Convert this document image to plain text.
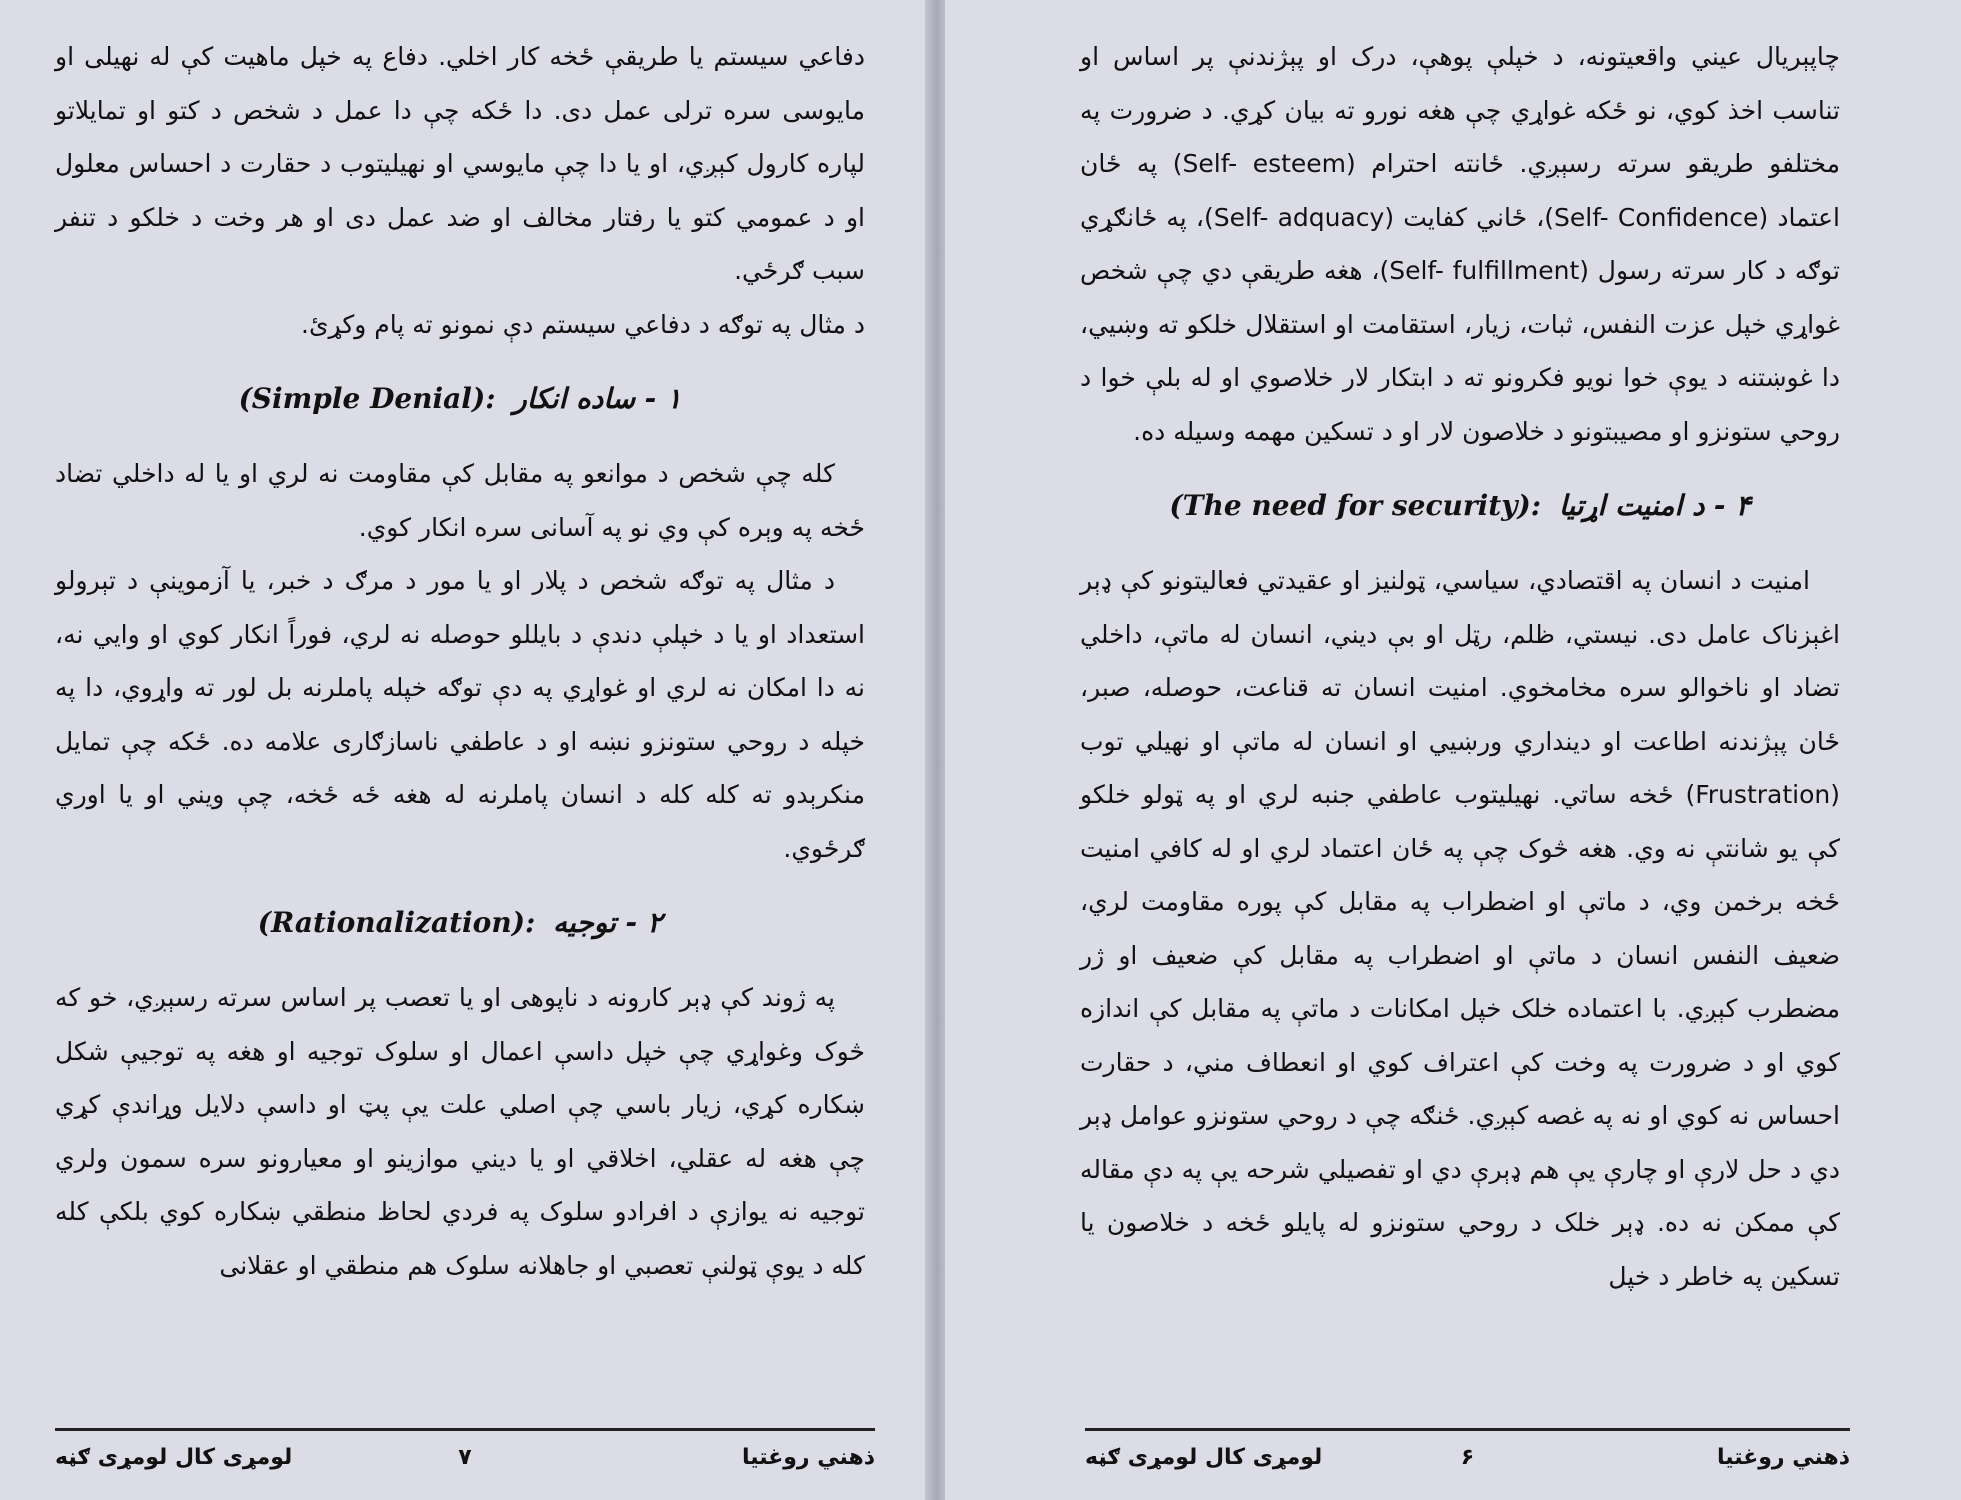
دفاعي سیستم یا طریقې ځخه کار اخلي. دفاع په خپل ماهیت کې له نهیلی او مایوسی سره ترلی عمل دی. دا ځکه چې دا عمل د شخص د کتو او تمایلاتو لپاره کارول کېږي، او یا دا چې مایوسي او نهیلیتوب د حقارت د احساس معلول او د عمومي کتو یا رفتار مخالف او ضد عمل دی او هر وخت د خلکو د تنفر سبب ګرځي.

د مثال په توګه د دفاعي سیستم دې نمونو ته پام وکړئ.

۱ - ساده انکار (Simple Denial):

کله چې شخص د موانعو په مقابل کې مقاومت نه لري او یا له داخلي تضاد ځخه په وېره کې وي نو په آسانی سره انکار کوي.

د مثال په توګه شخص د پلار او یا مور د مرګ د خبر، یا آزموینې د تېرولو استعداد او یا د خپلې دندې د بایللو حوصله نه لري، فوراً انکار کوي او وایي نه، نه دا امکان نه لري او غواړي په دې توګه خپله پاملرنه بل لور ته واړوي، دا په خپله د روحي ستونزو نښه او د عاطفي ناسازګاری علامه ده. ځکه چې تمایل منکرېدو ته کله کله د انسان پاملرنه له هغه ځه ځخه، چې ویني او یا اوري ګرځوي.

۲ - توجیه (Rationalization):

په ژوند کې ډېر کارونه د ناپوهی او یا تعصب پر اساس سرته رسېږي، خو که څوک وغواړي چې خپل داسې اعمال او سلوک توجیه او هغه په توجیې شکل ښکاره کړي، زیار باسي چې اصلي علت یې پټ او داسې دلایل وړاندې کړي چې هغه له عقلي، اخلاقي او یا دیني موازینو او معیارونو سره سمون ولري توجیه نه یوازې د افرادو سلوک په فردي لحاظ منطقي ښکاره کوي بلکې کله کله د یوې ټولنې تعصبي او جاهلانه سلوک هم منطقي او عقلانی

ذهني روغتیا
۷
لومړی کال لومړی ګڼه

چاپېریال عیني واقعیتونه، د خپلې پوهې، درک او پېژندنې پر اساس او تناسب اخذ کوي، نو ځکه غواړي چې هغه نورو ته بیان کړي. د ضرورت په مختلفو طریقو سرته رسېږي. ځانته احترام (Self- esteem) په ځان اعتماد (Self- Confidence)، ځاني کفایت (Self- adquacy)، په ځانګړي توګه د کار سرته رسول (Self- fulfillment)، هغه طریقې دي چې شخص غواړي خپل عزت النفس، ثبات، زیار، استقامت او استقلال خلکو ته وښیي، دا غوښتنه د یوې خوا نویو فکرونو ته د ابتکار لار خلاصوي او له بلې خوا د روحي ستونزو او مصیبتونو د خلاصون لار او د تسکین مهمه وسیله ده.

۴ - د امنیت اړتیا (The need for security):

امنیت د انسان په اقتصادي، سیاسي، ټولنیز او عقیدتي فعالیتونو کې ډېر اغېزناک عامل دی. نیستي، ظلم، رټل او بې دیني، انسان له ماتې، داخلي تضاد او ناخوالو سره مخامخوي. امنیت انسان ته قناعت، حوصله، صبر، ځان پېژندنه اطاعت او دینداري ورښیي او انسان له ماتې او نهیلي توب (Frustration) ځخه ساتي. نهیلیتوب عاطفي جنبه لري او په ټولو خلکو کې یو شانتې نه وي. هغه څوک چې په ځان اعتماد لري او له کافي امنیت ځخه برخمن وي، د ماتې او اضطراب په مقابل کې پوره مقاومت لري، ضعیف النفس انسان د ماتې او اضطراب په مقابل کې ضعیف او ژر مضطرب کېږي. با اعتماده خلک خپل امکانات د ماتې په مقابل کې اندازه کوي او د ضرورت په وخت کې اعتراف کوي او انعطاف مني، د حقارت احساس نه کوي او نه په غصه کېږي. ځنګه چې د روحي ستونزو عوامل ډېر دي د حل لارې او چارې یې هم ډېرې دي او تفصیلي شرحه یې په دې مقاله کې ممکن نه ده. ډېر خلک د روحي ستونزو له پایلو ځخه د خلاصون یا تسکین په خاطر د خپل

ذهني روغتیا
۶
لومړی کال لومړی ګڼه
